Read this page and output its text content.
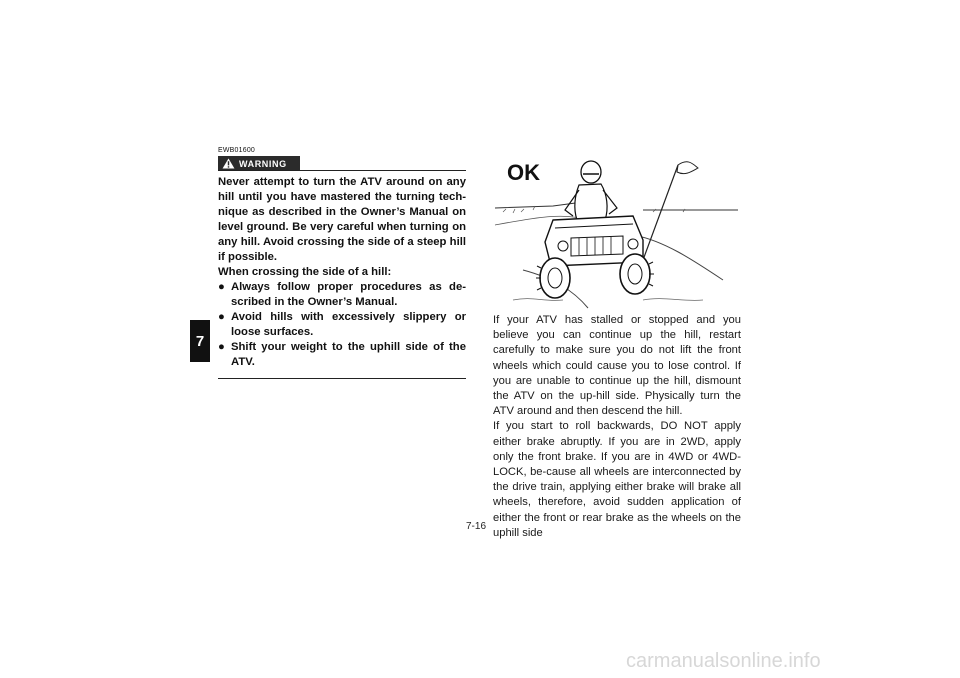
7
EWB01600
WARNING

Never attempt to turn the ATV around on any hill until you have mastered the turning tech-nique as described in the Owner’s Manual on level ground. Be very careful when turning on any hill. Avoid crossing the side of a steep hill if possible.

When crossing the side of a hill:

● Always follow proper procedures as de-scribed in the Owner’s Manual.
● Avoid hills with excessively slippery or loose surfaces.
● Shift your weight to the uphill side of the ATV.
OK

If your ATV has stalled or stopped and you believe you can continue up the hill, restart carefully to make sure you do not lift the front wheels which could cause you to lose control. If you are unable to continue up the hill, dismount the ATV on the up-hill side. Physically turn the ATV around and then descend the hill.

If you start to roll backwards, DO NOT apply either brake abruptly. If you are in 2WD, apply only the front brake. If you are in 4WD or 4WD-LOCK, be-cause all wheels are interconnected by the drive train, applying either brake will brake all wheels, therefore, avoid sudden application of either the front or rear brake as the wheels on the uphill side

7-16
carmanualsonline.info
